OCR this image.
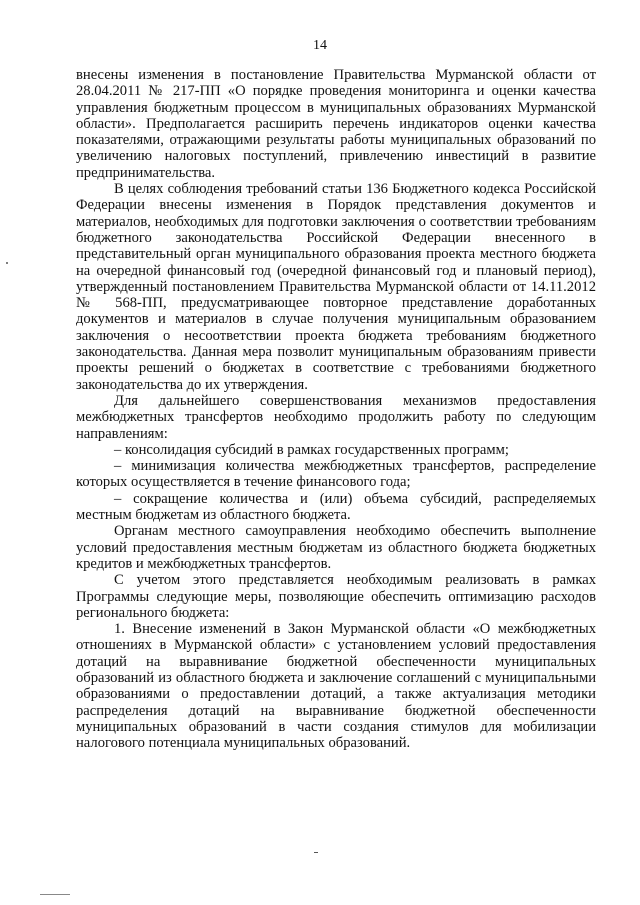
14

внесены изменения в постановление Правительства Мурманской области от 28.04.2011 № 217-ПП «О порядке проведения мониторинга и оценки качества управления бюджетным процессом в муниципальных образованиях Мурманской области». Предполагается расширить перечень индикаторов оценки качества показателями, отражающими результаты работы муниципальных образований по увеличению налоговых поступлений, привлечению инвестиций в развитие предпринимательства.

В целях соблюдения требований статьи 136 Бюджетного кодекса Российской Федерации внесены изменения в Порядок представления документов и материалов, необходимых для подготовки заключения о соответствии требованиям бюджетного законодательства Российской Федерации внесенного в представительный орган муниципального образования проекта местного бюджета на очередной финансовый год (очередной финансовый год и плановый период), утвержденный постановлением Правительства Мурманской области от 14.11.2012 № 568-ПП, предусматривающее повторное представление доработанных документов и материалов в случае получения муниципальным образованием заключения о несоответствии проекта бюджета требованиям бюджетного законодательства. Данная мера позволит муниципальным образованиям привести проекты решений о бюджетах в соответствие с требованиями бюджетного законодательства до их утверждения.

Для дальнейшего совершенствования механизмов предоставления межбюджетных трансфертов необходимо продолжить работу по следующим направлениям:

– консолидация субсидий в рамках государственных программ;

– минимизация количества межбюджетных трансфертов, распределение которых осуществляется в течение финансового года;

– сокращение количества и (или) объема субсидий, распределяемых местным бюджетам из областного бюджета.

Органам местного самоуправления необходимо обеспечить выполнение условий предоставления местным бюджетам из областного бюджета бюджетных кредитов и межбюджетных трансфертов.

С учетом этого представляется необходимым реализовать в рамках Программы следующие меры, позволяющие обеспечить оптимизацию расходов регионального бюджета:

1. Внесение изменений в Закон Мурманской области «О межбюджетных отношениях в Мурманской области» с установлением условий предоставления дотаций на выравнивание бюджетной обеспеченности муниципальных образований из областного бюджета и заключение соглашений с муниципальными образованиями о предоставлении дотаций, а также актуализация методики распределения дотаций на выравнивание бюджетной обеспеченности муниципальных образований в части создания стимулов для мобилизации налогового потенциала муниципальных образований.
